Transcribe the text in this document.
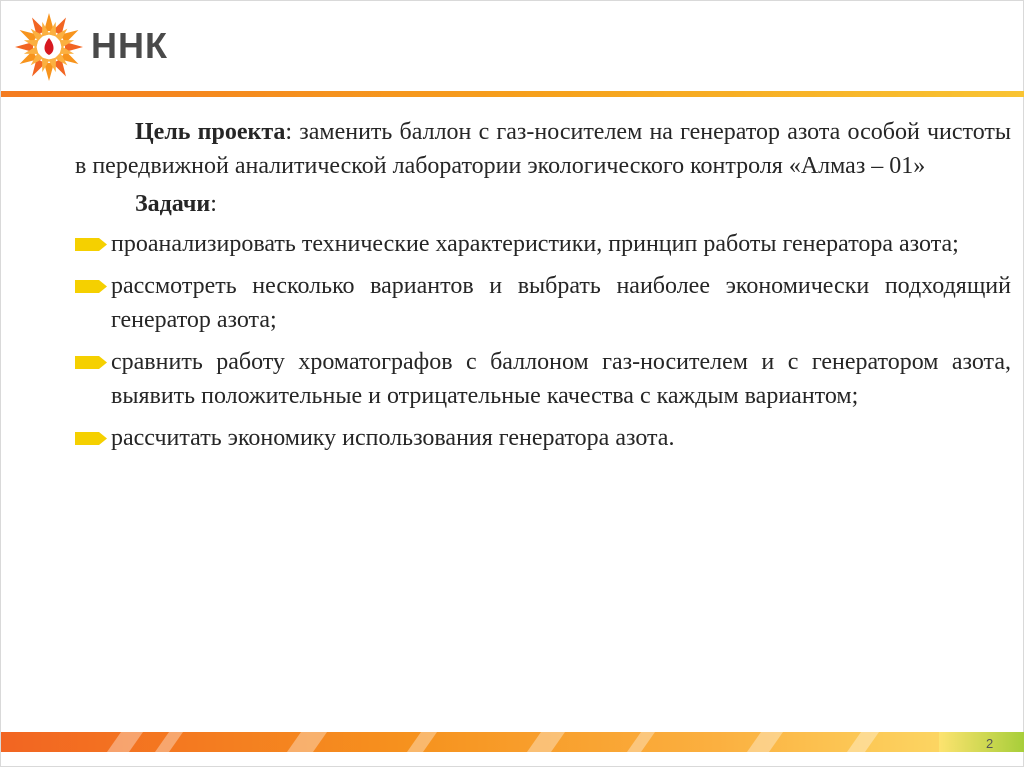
ННК

Цель проекта: заменить баллон с газ-носителем на генератор азота особой чистоты в передвижной аналитической лаборатории экологического контроля «Алмаз – 01»

Задачи:

проанализировать технические характеристики, принцип работы генератора азота;

рассмотреть несколько вариантов и выбрать наиболее экономически подходящий генератор азота;

сравнить работу хроматографов с баллоном газ-носителем и с генератором азота, выявить положительные и отрицательные качества с каждым вариантом;

рассчитать экономику использования генератора азота.

2
